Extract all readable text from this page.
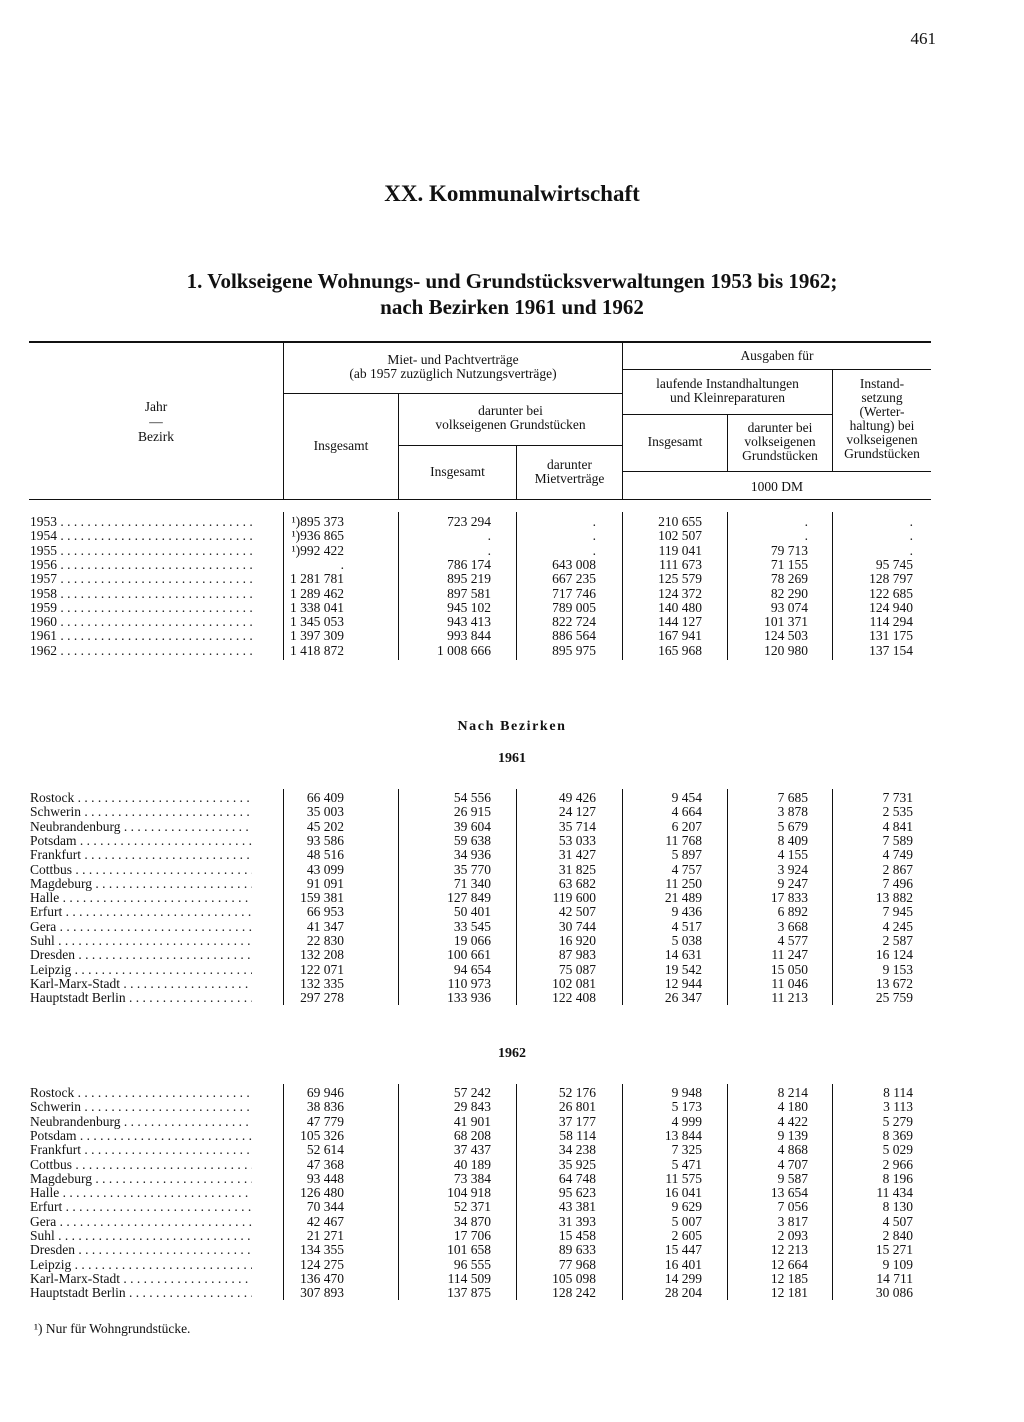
461
XX. Kommunalwirtschaft
1. Volkseigene Wohnungs- und Grundstücksverwaltungen 1953 bis 1962;
nach Bezirken 1961 und 1962
Jahr
—
Bezirk
Miet- und Pachtverträge
(ab 1957 zuzüglich Nutzungsverträge)
Insgesamt
darunter bei
volkseigenen Grundstücken
Insgesamt	darunter
Mietverträge
Ausgaben für
laufende Instandhaltungen
und Kleinreparaturen
Insgesamt
darunter bei
volkseigenen
Grundstücken
Instand-
setzung
(Werter-
haltung) bei
volkseigenen
Grundstücken
1000 DM
1953 . . .	¹)895 373	723 294	.	210 655	.	.
1954 . . .	¹)936 865	.	.	102 507	.	.
1955 . . .	¹)992 422	.	.	119 041	79 713	.
1956 . . .	.	786 174	643 008	111 673	71 155	95 745
1957 . . .	1 281 781	895 219	667 235	125 579	78 269	128 797
1958 . . .	1 289 462	897 581	717 746	124 372	82 290	122 685
1959 . . .	1 338 041	945 102	789 005	140 480	93 074	124 940
1960 . . .	1 345 053	943 413	822 724	144 127	101 371	114 294
1961 . . .	1 397 309	993 844	886 564	167 941	124 503	131 175
1962 . . .	1 418 872	1 008 666	895 975	165 968	120 980	137 154
Nach Bezirken
1961
Rostock . . .	66 409	54 556	49 426	9 454	7 685	7 731
Schwerin . . .	35 003	26 915	24 127	4 664	3 878	2 535
Neubrandenburg . . .	45 202	39 604	35 714	6 207	5 679	4 841
Potsdam . . .	93 586	59 638	53 033	11 768	8 409	7 589
Frankfurt . . .	48 516	34 936	31 427	5 897	4 155	4 749
Cottbus . . .	43 099	35 770	31 825	4 757	3 924	2 867
Magdeburg . . .	91 091	71 340	63 682	11 250	9 247	7 496
Halle . . .	159 381	127 849	119 600	21 489	17 833	13 882
Erfurt . . .	66 953	50 401	42 507	9 436	6 892	7 945
Gera . . .	41 347	33 545	30 744	4 517	3 668	4 245
Suhl . . .	22 830	19 066	16 920	5 038	4 577	2 587
Dresden . . .	132 208	100 661	87 983	14 631	11 247	16 124
Leipzig . . .	122 071	94 654	75 087	19 542	15 050	9 153
Karl-Marx-Stadt . . .	132 335	110 973	102 081	12 944	11 046	13 672
Hauptstadt Berlin . . .	297 278	133 936	122 408	26 347	11 213	25 759
1962
Rostock . . .	69 946	57 242	52 176	9 948	8 214	8 114
Schwerin . . .	38 836	29 843	26 801	5 173	4 180	3 113
Neubrandenburg . . .	47 779	41 901	37 177	4 999	4 422	5 279
Potsdam . . .	105 326	68 208	58 114	13 844	9 139	8 369
Frankfurt . . .	52 614	37 437	34 238	7 325	4 868	5 029
Cottbus . . .	47 368	40 189	35 925	5 471	4 707	2 966
Magdeburg . . .	93 448	73 384	64 748	11 575	9 587	8 196
Halle . . .	126 480	104 918	95 623	16 041	13 654	11 434
Erfurt . . .	70 344	52 371	43 381	9 629	7 056	8 130
Gera . . .	42 467	34 870	31 393	5 007	3 817	4 507
Suhl . . .	21 271	17 706	15 458	2 605	2 093	2 840
Dresden . . .	134 355	101 658	89 633	15 447	12 213	15 271
Leipzig . . .	124 275	96 555	77 968	16 401	12 664	9 109
Karl-Marx-Stadt . . .	136 470	114 509	105 098	14 299	12 185	14 711
Hauptstadt Berlin . . .	307 893	137 875	128 242	28 204	12 181	30 086
¹) Nur für Wohngrundstücke.
